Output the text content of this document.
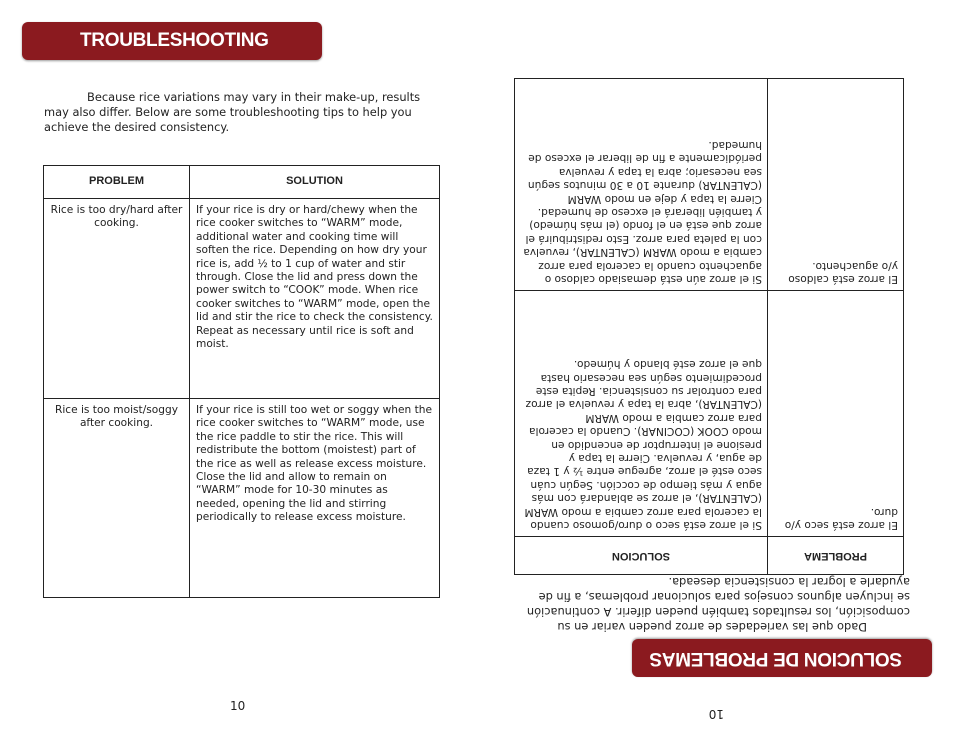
TROUBLESHOOTING
Because rice variations may vary in their make-up, results may also differ. Below are some troubleshooting tips to help you achieve the desired consistency.
PROBLEM	SOLUTION
Rice is too dry/hard after cooking.	If your rice is dry or hard/chewy when the rice cooker switches to “WARM” mode, additional water and cooking time will soften the rice. Depending on how dry your rice is, add ½ to 1 cup of water and stir through. Close the lid and press down the power switch to “COOK” mode. When rice cooker switches to “WARM” mode, open the lid and stir the rice to check the consistency. Repeat as necessary until rice is soft and moist.
Rice is too moist/soggy after cooking.	If your rice is still too wet or soggy when the rice cooker switches to “WARM” mode, use the rice paddle to stir the rice. This will redistribute the bottom (moistest) part of the rice as well as release excess moisture. Close the lid and allow to remain on “WARM” mode for 10-30 minutes as needed, opening the lid and stirring periodically to release excess moisture.
10
10
SOLUCION DE PROBLEMAS
Dado que las variedades de arroz pueden variar en su composición, los resultados también pueden diferir. A continuación se incluyen algunos consejos para solucionar problemas, a fin de ayudarle a lograr la consistencia deseada.
PROBLEMA	SOLUCION
El arroz está seco y/o duro.	Si el arroz está seco o duro/gomoso cuando la cacerola para arroz cambia a modo WARM (CALENTAR), el arroz se ablandará con más agua y más tiempo de cocción. Según cuán seco esté el arroz, agregue entre ½ y 1 taza de agua, y revuelva. Cierre la tapa y presione el interruptor de encendido en modo COOK (COCINAR). Cuando la cacerola para arroz cambia a modo WARM (CALENTAR), abra la tapa y revuelva el arroz para controlar su consistencia. Repita este procedimiento según sea necesario hasta que el arroz esté blando y húmedo.
El arroz está caldoso y/o aguachento.	Si el arroz aún está demasiado caldoso o aguachento cuando la cacerola para arroz cambia a modo WARM (CALENTAR), revuelva con la paleta para arroz. Esto redistribuirá el arroz que está en el fondo (el más húmedo) y también liberará el exceso de humedad. Cierre la tapa y deje en modo WARM (CALENTAR) durante 10 a 30 minutos según sea necesario; abra la tapa y revuelva periódicamente a fin de liberar el exceso de humedad.
